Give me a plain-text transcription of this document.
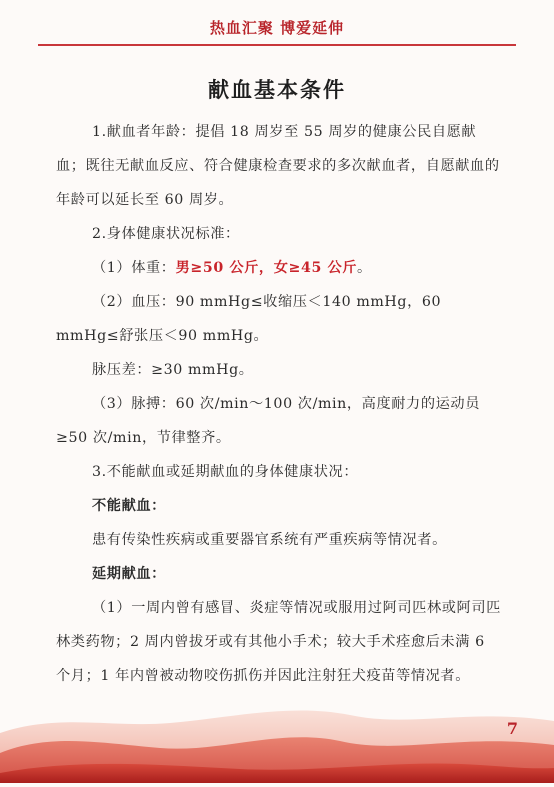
热血汇聚 博爱延伸
献血基本条件

1.献血者年龄：提倡 18 周岁至 55 周岁的健康公民自愿献血；既往无献血反应、符合健康检查要求的多次献血者，自愿献血的年龄可以延长至 60 周岁。

2.身体健康状况标准：

（1）体重：男≥50 公斤，女≥45 公斤。

（2）血压：90 mmHg≤收缩压＜140 mmHg，60 mmHg≤舒张压＜90 mmHg。

脉压差：≥30 mmHg。

（3）脉搏：60 次/min～100 次/min，高度耐力的运动员≥50 次/min，节律整齐。

3.不能献血或延期献血的身体健康状况：

不能献血：

患有传染性疾病或重要器官系统有严重疾病等情况者。

延期献血：

（1）一周内曾有感冒、炎症等情况或服用过阿司匹林或阿司匹林类药物；2 周内曾拔牙或有其他小手术；较大手术痊愈后未满 6 个月；1 年内曾被动物咬伤抓伤并因此注射狂犬疫苗等情况者。

7
